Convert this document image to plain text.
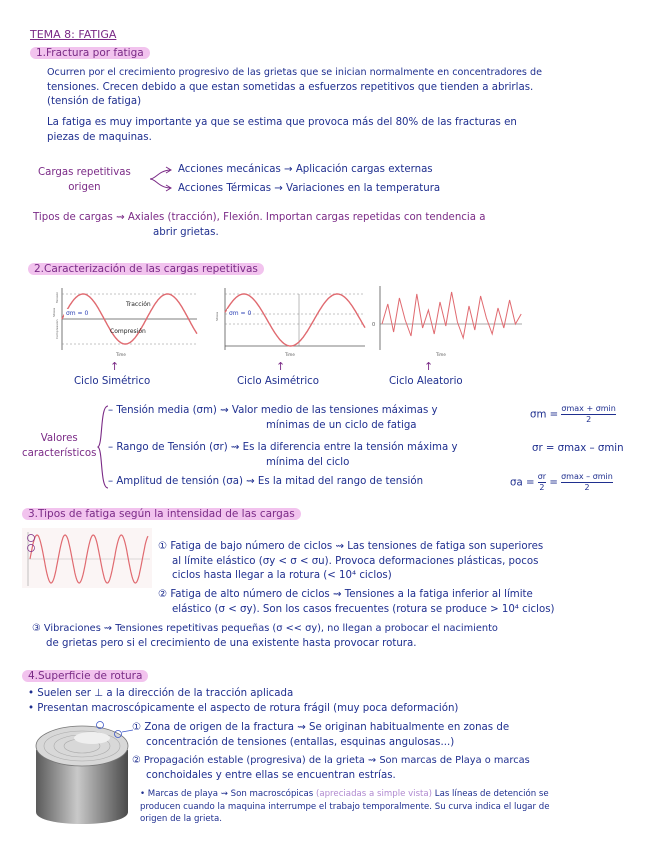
TEMA 8: FATIGA
1.Fractura por fatiga
Ocurren por el crecimiento progresivo de las grietas que se inician normalmente en concentradores de
tensiones. Crecen debido a que estan sometidas a esfuerzos repetitivos que tienden a abrirlas.
(tensión de fatiga)
La fatiga es muy importante ya que se estima que provoca más del 80% de las fracturas en
piezas de maquinas.
Cargas repetitivas
origen
Acciones mecánicas → Aplicación cargas externas
Acciones Térmicas → Variaciones en la temperatura
Tipos de cargas ⇝ Axiales (tracción), Flexión. Importan cargas repetidas con tendencia a
abrir grietas.
2.Caracterización de las cargas repetitivas
Tracción
Compresión
σm = 0
Stress
Tension
Compression
Time
↑
Ciclo Simétrico
σm = 0
Stress
Time
↑
Ciclo Asimétrico
0
Time
↑
Ciclo Aleatorio
Valores
característicos
– Tensión media (σm) ⇝ Valor medio de las tensiones máximas y
mínimas de un ciclo de fatiga
$\sigma m = \frac{\sigma\max + \sigma\min}{2}$
– Rango de Tensión (σr) ⇝ Es la diferencia entre la tensión máxima y
mínima del ciclo
σr = σmax – σmin
– Amplitud de tensión (σa) ⇝ Es la mitad del rango de tensión	$\sigma a = \frac{\sigma r}{2} = \frac{\sigma\max - \sigma\min}{2}$
3.Tipos de fatiga según la intensidad de las cargas
① Fatiga de bajo número de ciclos ⇝ Las tensiones de fatiga son superiores
al límite elástico (σy < σ < σu). Provoca deformaciones plásticas, pocos
ciclos hasta llegar a la rotura (< 10⁴ ciclos)
② Fatiga de alto número de ciclos ⇝ Tensiones a la fatiga inferior al límite
elástico (σ < σy). Son los casos frecuentes (rotura se produce > 10⁴ ciclos)
③ Vibraciones ⇝ Tensiones repetitivas pequeñas (σ << σy), no llegan a probocar el nacimiento
de grietas pero si el crecimiento de una existente hasta provocar rotura.
4.Superficie de rotura
• Suelen ser ⊥ a la dirección de la tracción aplicada
• Presentan macroscópicamente el aspecto de rotura frágil (muy poca deformación)
① Zona de origen de la fractura ⇝ Se originan habitualmente en zonas de
concentración de tensiones (entallas, esquinas angulosas...)
② Propagación estable (progresiva) de la grieta ⇝ Son marcas de Playa o marcas
conchoidales y entre ellas se encuentran estrías.
• Marcas de playa ⇝ Son macroscópicas (apreciadas a simple vista) Las líneas de detención se
producen cuando la maquina interrumpe el trabajo temporalmente. Su curva indica el lugar de
origen de la grieta.
